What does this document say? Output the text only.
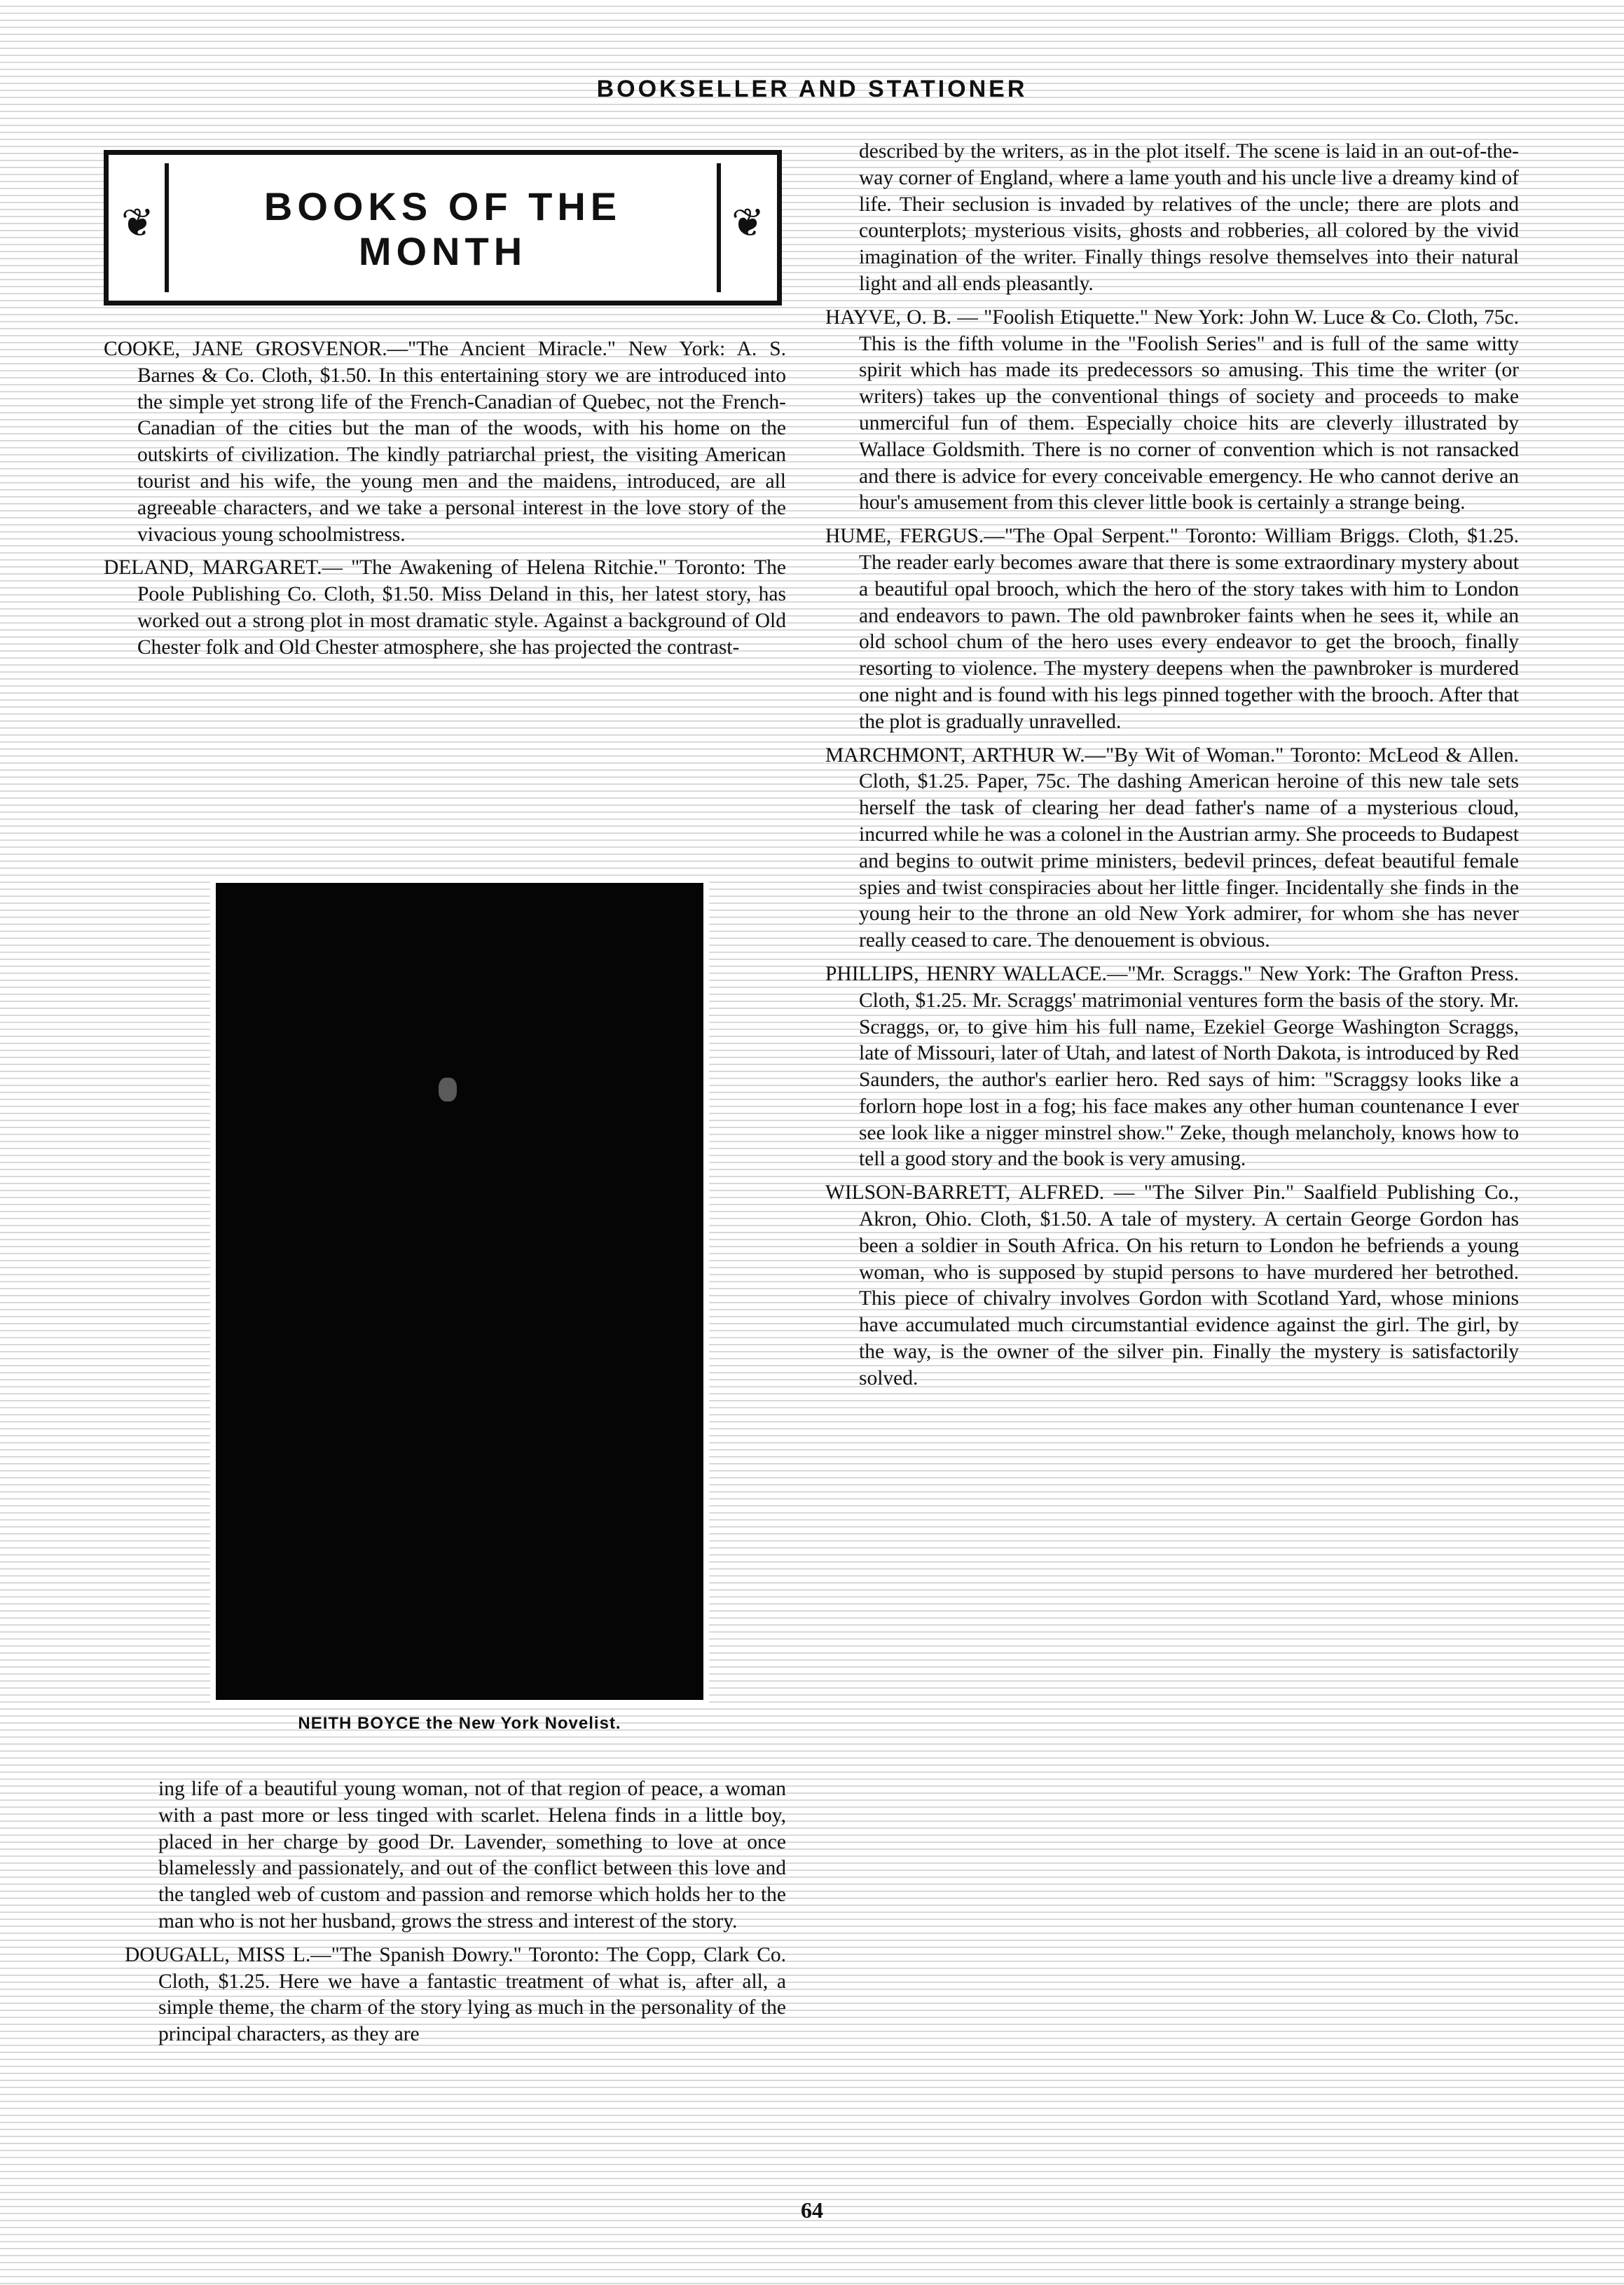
BOOKSELLER AND STATIONER
❦	❦
BOOKS OF THE
MONTH

COOKE, JANE GROSVENOR.—"The Ancient Miracle." New York: A. S. Barnes & Co. Cloth, $1.50. In this entertaining story we are introduced into the simple yet strong life of the French-Canadian of Quebec, not the French-Canadian of the cities but the man of the woods, with his home on the outskirts of civilization. The kindly patriarchal priest, the visiting American tourist and his wife, the young men and the maidens, introduced, are all agreeable characters, and we take a personal interest in the love story of the vivacious young schoolmistress.

DELAND, MARGARET.— "The Awakening of Helena Ritchie." Toronto: The Poole Publishing Co. Cloth, $1.50. Miss Deland in this, her latest story, has worked out a strong plot in most dramatic style. Against a background of Old Chester folk and Old Chester atmosphere, she has projected the contrast-

NEITH BOYCE the New York Novelist.

ing life of a beautiful young woman, not of that region of peace, a woman with a past more or less tinged with scarlet. Helena finds in a little boy, placed in her charge by good Dr. Lavender, something to love at once blamelessly and passionately, and out of the conflict between this love and the tangled web of custom and passion and remorse which holds her to the man who is not her husband, grows the stress and interest of the story.

DOUGALL, MISS L.—"The Spanish Dowry." Toronto: The Copp, Clark Co. Cloth, $1.25. Here we have a fantastic treatment of what is, after all, a simple theme, the charm of the story lying as much in the personality of the principal characters, as they are

described by the writers, as in the plot itself. The scene is laid in an out-of-the-way corner of England, where a lame youth and his uncle live a dreamy kind of life. Their seclusion is invaded by relatives of the uncle; there are plots and counterplots; mysterious visits, ghosts and robberies, all colored by the vivid imagination of the writer. Finally things resolve themselves into their natural light and all ends pleasantly.

HAYVE, O. B. — "Foolish Etiquette." New York: John W. Luce & Co. Cloth, 75c. This is the fifth volume in the "Foolish Series" and is full of the same witty spirit which has made its predecessors so amusing. This time the writer (or writers) takes up the conventional things of society and proceeds to make unmerciful fun of them. Especially choice hits are cleverly illustrated by Wallace Goldsmith. There is no corner of convention which is not ransacked and there is advice for every conceivable emergency. He who cannot derive an hour's amusement from this clever little book is certainly a strange being.

HUME, FERGUS.—"The Opal Serpent." Toronto: William Briggs. Cloth, $1.25. The reader early becomes aware that there is some extraordinary mystery about a beautiful opal brooch, which the hero of the story takes with him to London and endeavors to pawn. The old pawnbroker faints when he sees it, while an old school chum of the hero uses every endeavor to get the brooch, finally resorting to violence. The mystery deepens when the pawnbroker is murdered one night and is found with his legs pinned together with the brooch. After that the plot is gradually unravelled.

MARCHMONT, ARTHUR W.—"By Wit of Woman." Toronto: McLeod & Allen. Cloth, $1.25. Paper, 75c. The dashing American heroine of this new tale sets herself the task of clearing her dead father's name of a mysterious cloud, incurred while he was a colonel in the Austrian army. She proceeds to Budapest and begins to outwit prime ministers, bedevil princes, defeat beautiful female spies and twist conspiracies about her little finger. Incidentally she finds in the young heir to the throne an old New York admirer, for whom she has never really ceased to care. The denouement is obvious.

PHILLIPS, HENRY WALLACE.—"Mr. Scraggs." New York: The Grafton Press. Cloth, $1.25. Mr. Scraggs' matrimonial ventures form the basis of the story. Mr. Scraggs, or, to give him his full name, Ezekiel George Washington Scraggs, late of Missouri, later of Utah, and latest of North Dakota, is introduced by Red Saunders, the author's earlier hero. Red says of him: "Scraggsy looks like a forlorn hope lost in a fog; his face makes any other human countenance I ever see look like a nigger minstrel show." Zeke, though melancholy, knows how to tell a good story and the book is very amusing.

WILSON-BARRETT, ALFRED. — "The Silver Pin." Saalfield Publishing Co., Akron, Ohio. Cloth, $1.50. A tale of mystery. A certain George Gordon has been a soldier in South Africa. On his return to London he befriends a young woman, who is supposed by stupid persons to have murdered her betrothed. This piece of chivalry involves Gordon with Scotland Yard, whose minions have accumulated much circumstantial evidence against the girl. The girl, by the way, is the owner of the silver pin. Finally the mystery is satisfactorily solved.

64
